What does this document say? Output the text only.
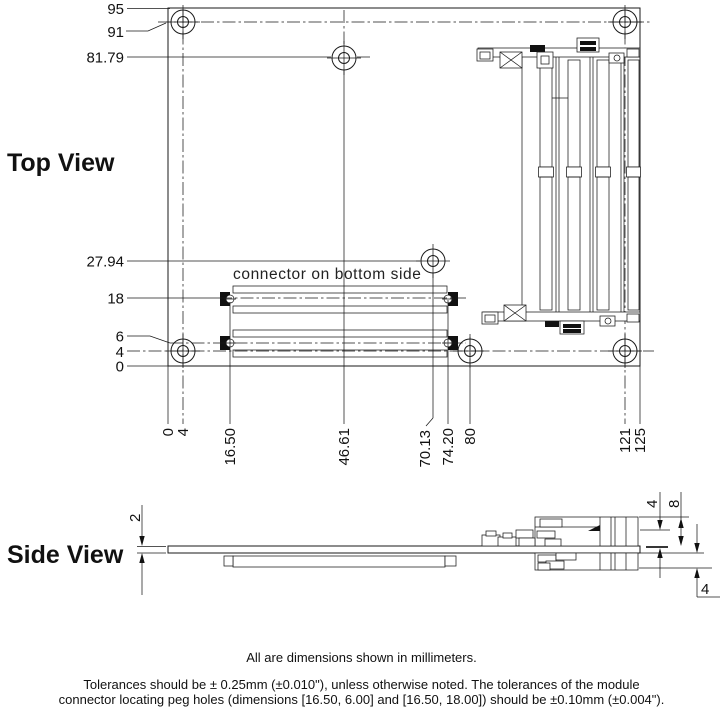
Top View
connector on bottom side
95
91
81.79
27.94
18
6
4
0
0
4 16.50	46.61	70.13 74.20 80	121
125
Side View
2
4 8
4
All are dimensions shown in millimeters.
Tolerances should be ± 0.25mm (±0.010"), unless otherwise noted. The tolerances of the module
connector locating peg holes (dimensions [16.50, 6.00] and [16.50, 18.00]) should be ±0.10mm (±0.004").
